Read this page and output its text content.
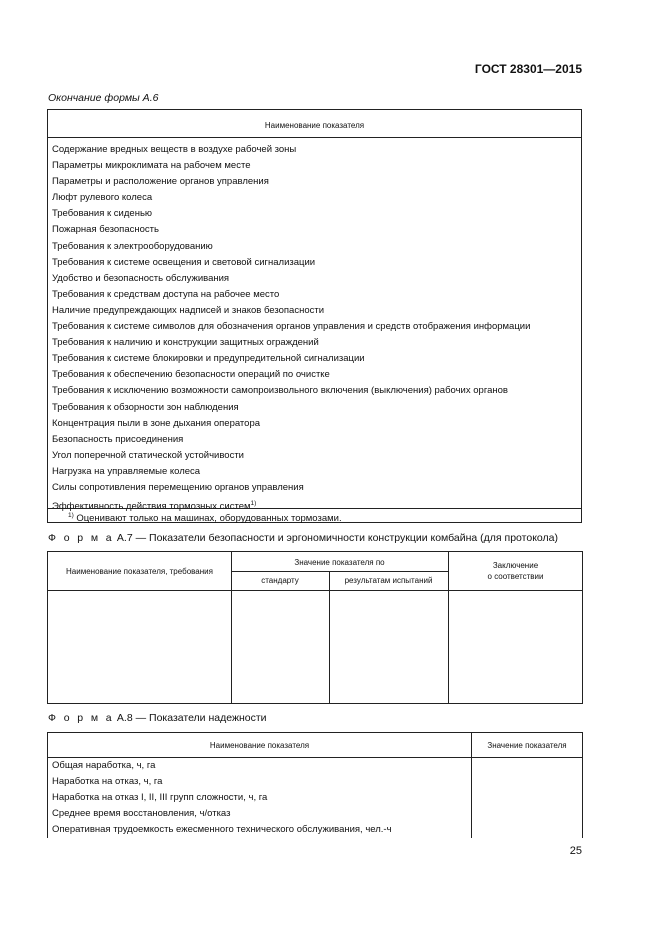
ГОСТ 28301—2015
Окончание формы А.6
Наименование показателя
Содержание вредных веществ в воздухе рабочей зоны
Параметры микроклимата на рабочем месте
Параметры и расположение органов управления
Люфт рулевого колеса
Требования к сиденью
Пожарная безопасность
Требования к электрооборудованию
Требования к системе освещения и световой сигнализации
Удобство и безопасность обслуживания
Требования к средствам доступа на рабочее место
Наличие предупреждающих надписей и знаков безопасности
Требования к системе символов для обозначения органов управления и средств отображения информации
Требования к наличию и конструкции защитных ограждений
Требования к системе блокировки и предупредительной сигнализации
Требования к обеспечению безопасности операций по очистке
Требования к исключению возможности самопроизвольного включения (выключения) рабочих органов
Требования к обзорности зон наблюдения
Концентрация пыли в зоне дыхания оператора
Безопасность присоединения
Угол поперечной статической устойчивости
Нагрузка на управляемые колеса
Силы сопротивления перемещению органов управления
Эффективность действия тормозных систем$^{1)}$
$^{1)}$ Оценивают только на машинах, оборудованных тормозами.
Ф о р м а А.7 — Показатели безопасности и эргономичности конструкции комбайна (для протокола)
Наименование показателя, требования
Значение показателя по
стандарту	результатам испытаний
Заключение
о соответствии
Ф о р м а А.8 — Показатели надежности
Наименование показателя	Значение показателя
Общая наработка, ч, га
Наработка на отказ, ч, га
Наработка на отказ I, II, III групп сложности, ч, га
Среднее время восстановления, ч/отказ
Оперативная трудоемкость ежесменного технического обслуживания, чел.-ч
25
